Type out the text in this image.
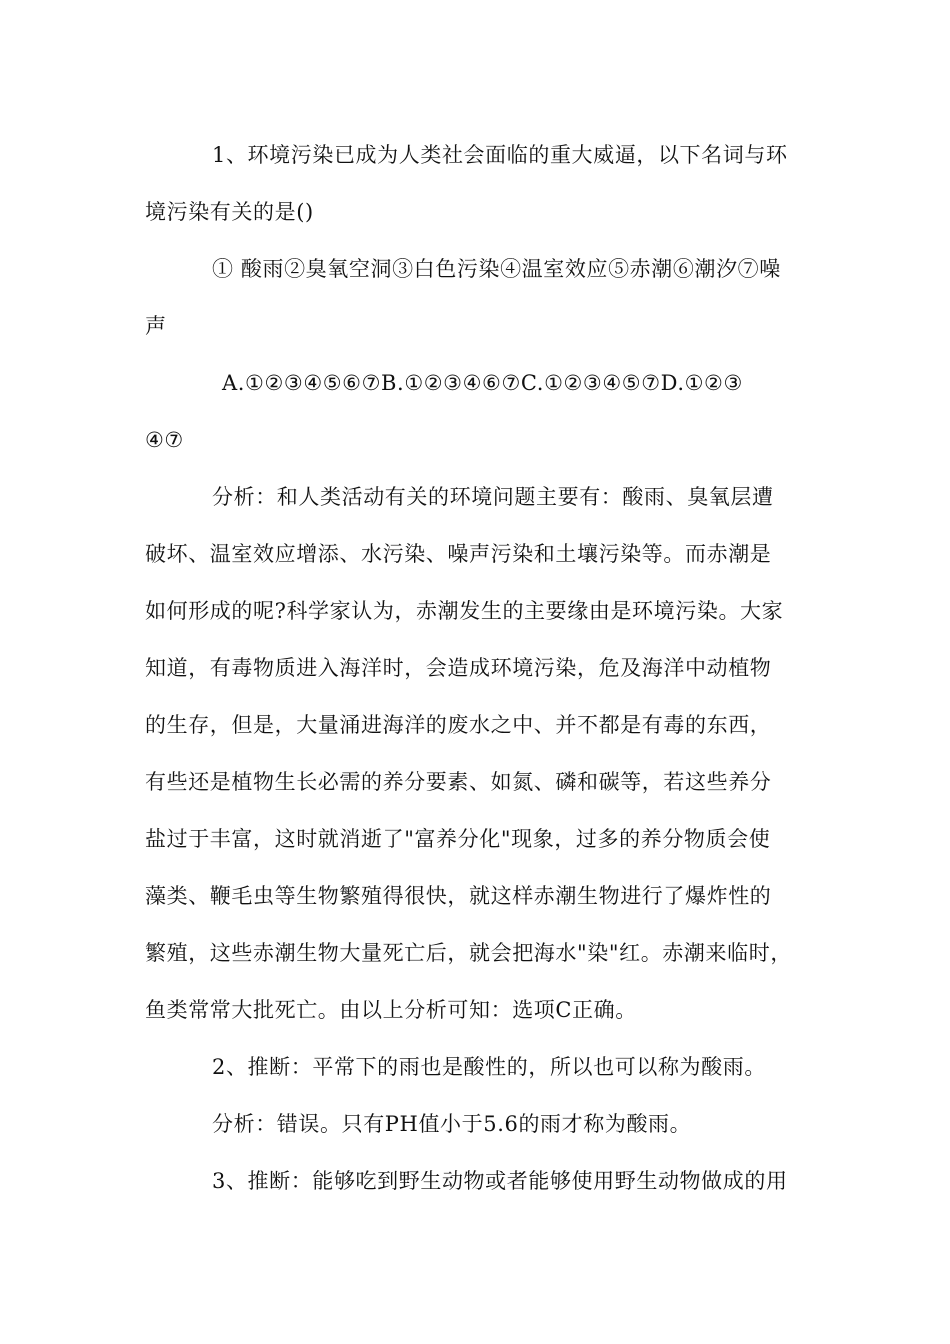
1、环境污染已成为人类社会面临的重大威逼，以下名词与环
境污染有关的是()
① 酸雨②臭氧空洞③白色污染④温室效应⑤赤潮⑥潮汐⑦噪
声
A.①②③④⑤⑥⑦B.①②③④⑥⑦C.①②③④⑤⑦D.①②③
④⑦
分析：和人类活动有关的环境问题主要有：酸雨、臭氧层遭
破坏、温室效应增添、水污染、噪声污染和土壤污染等。而赤潮是
如何形成的呢?科学家认为，赤潮发生的主要缘由是环境污染。大家
知道，有毒物质进入海洋时，会造成环境污染，危及海洋中动植物
的生存，但是，大量涌进海洋的废水之中、并不都是有毒的东西，
有些还是植物生长必需的养分要素、如氮、磷和碳等，若这些养分
盐过于丰富，这时就消逝了"富养分化"现象，过多的养分物质会使
藻类、鞭毛虫等生物繁殖得很快，就这样赤潮生物进行了爆炸性的
繁殖，这些赤潮生物大量死亡后，就会把海水"染"红。赤潮来临时，
鱼类常常大批死亡。由以上分析可知：选项C正确。
2、推断：平常下的雨也是酸性的，所以也可以称为酸雨。
分析：错误。只有PH值小于5.6的雨才称为酸雨。
3、推断：能够吃到野生动物或者能够使用野生动物做成的用
